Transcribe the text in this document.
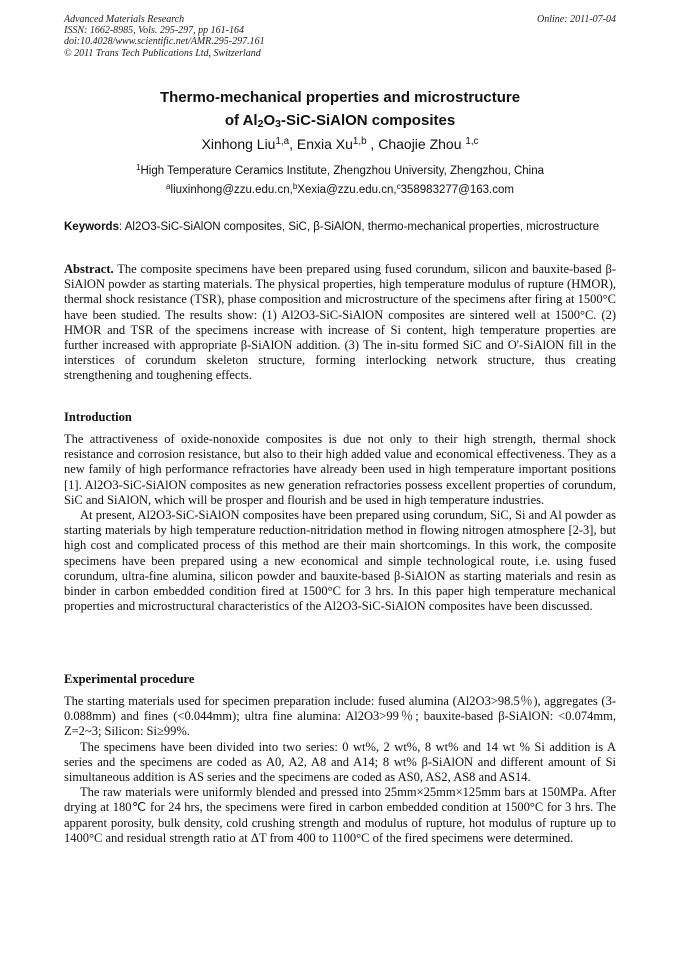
Advanced Materials Research
ISSN: 1662-8985, Vols. 295-297, pp 161-164
doi:10.4028/www.scientific.net/AMR.295-297.161
© 2011 Trans Tech Publications Ltd, Switzerland
Online: 2011-07-04
Thermo-mechanical properties and microstructure
of $Al_2O_3-SiC$-SiAlON composites
Xinhong Liu$^{1,a}$, Enxia Xu$^{1,b}$ , Chaojie Zhou $^{1,c}$
$^1$High Temperature Ceramics Institute, Zhengzhou University, Zhengzhou, China
$^a$liuxinhong@zzu.edu.cn,$^b$Xexia@zzu.edu.cn,$^c$358983277@163.com
Keywords: Al2O3-SiC-SiAlON composites, SiC, β-SiAlON, thermo-mechanical properties, microstructure

Abstract. The composite specimens have been prepared using fused corundum, silicon and bauxite-based β-SiAlON powder as starting materials. The physical properties, high temperature modulus of rupture (HMOR), thermal shock resistance (TSR), phase composition and microstructure of the specimens after firing at 1500°C have been studied. The results show: (1) Al2O3-SiC-SiAlON composites are sintered well at 1500°C. (2) HMOR and TSR of the specimens increase with increase of Si content, high temperature properties are further increased with appropriate β-SiAlON addition. (3) The in-situ formed SiC and O'-SiAlON fill in the interstices of corundum skeleton structure, forming interlocking network structure, thus creating strengthening and toughening effects.

Introduction

The attractiveness of oxide-nonoxide composites is due not only to their high strength, thermal shock resistance and corrosion resistance, but also to their high added value and economical effectiveness. They as a new family of high performance refractories have already been used in high temperature important positions [1]. Al2O3-SiC-SiAlON composites as new generation refractories possess excellent properties of corundum, SiC and SiAlON, which will be prosper and flourish and be used in high temperature industries.

At present, Al2O3-SiC-SiAlON composites have been prepared using corundum, SiC, Si and Al powder as starting materials by high temperature reduction-nitridation method in flowing nitrogen atmosphere [2-3], but high cost and complicated process of this method are their main shortcomings. In this work, the composite specimens have been prepared using a new economical and simple technological route, i.e. using fused corundum, ultra-fine alumina, silicon powder and bauxite-based β-SiAlON as starting materials and resin as binder in carbon embedded condition fired at 1500°C for 3 hrs. In this paper high temperature mechanical properties and microstructural characteristics of the Al2O3-SiC-SiAlON composites have been discussed.

Experimental procedure

The starting materials used for specimen preparation include: fused alumina (Al2O3>98.5％), aggregates (3-0.088mm) and fines (<0.044mm); ultra fine alumina: Al2O3>99％; bauxite-based β-SiAlON: <0.074mm, Z=2~3; Silicon: Si≥99%.

The specimens have been divided into two series: 0 wt%, 2 wt%, 8 wt% and 14 wt % Si addition is A series and the specimens are coded as A0, A2, A8 and A14; 8 wt% β-SiAlON and different amount of Si simultaneous addition is AS series and the specimens are coded as AS0, AS2, AS8 and AS14.

The raw materials were uniformly blended and pressed into 25mm×25mm×125mm bars at 150MPa. After drying at 180℃ for 24 hrs, the specimens were fired in carbon embedded condition at 1500°C for 3 hrs. The apparent porosity, bulk density, cold crushing strength and modulus of rupture, hot modulus of rupture up to 1400°C and residual strength ratio at ΔT from 400 to 1100°C of the fired specimens were determined.
